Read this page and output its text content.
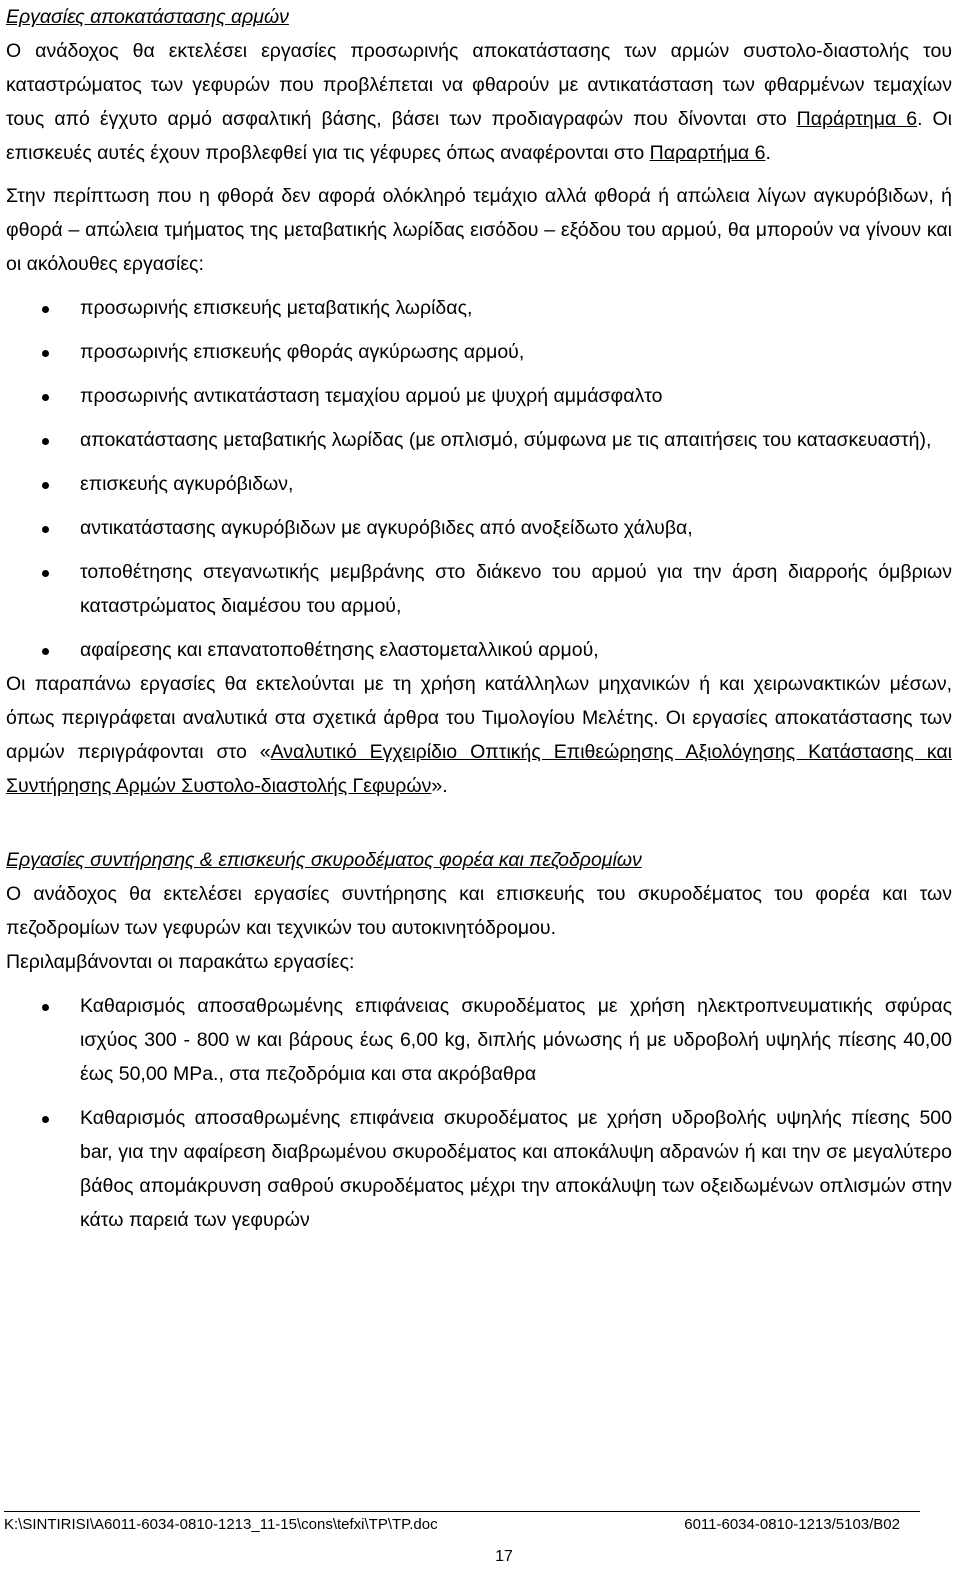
Εργασίες αποκατάστασης αρμών

Ο ανάδοχος θα εκτελέσει εργασίες προσωρινής αποκατάστασης των αρμών συστολο-διαστολής του καταστρώματος των γεφυρών που προβλέπεται να φθαρούν με αντικατάσταση των φθαρμένων τεμαχίων τους από έγχυτο αρμό ασφαλτική βάσης, βάσει των προδιαγραφών που δίνονται στο Παράρτημα 6. Οι επισκευές αυτές έχουν προβλεφθεί για τις γέφυρες όπως αναφέρονται στο Παραρτήμα 6.

Στην περίπτωση που η φθορά δεν αφορά ολόκληρό τεμάχιο αλλά φθορά ή απώλεια λίγων αγκυρόβιδων, ή φθορά – απώλεια τμήματος της μεταβατικής λωρίδας εισόδου – εξόδου του αρμού, θα μπορούν να γίνουν και οι ακόλουθες εργασίες:

προσωρινής επισκευής μεταβατικής λωρίδας,
προσωρινής επισκευής φθοράς αγκύρωσης αρμού,
προσωρινής αντικατάσταση τεμαχίου αρμού με ψυχρή αμμάσφαλτο
αποκατάστασης μεταβατικής λωρίδας (με οπλισμό, σύμφωνα με τις απαιτήσεις του κατασκευαστή),
επισκευής αγκυρόβιδων,
αντικατάστασης αγκυρόβιδων με αγκυρόβιδες από ανοξείδωτο χάλυβα,
τοποθέτησης στεγανωτικής μεμβράνης στο διάκενο του αρμού για την άρση διαρροής όμβριων καταστρώματος διαμέσου του αρμού,
αφαίρεσης και επανατοποθέτησης ελαστομεταλλικού αρμού,

Οι παραπάνω εργασίες θα εκτελούνται με τη χρήση κατάλληλων μηχανικών ή και χειρωνακτικών μέσων, όπως περιγράφεται αναλυτικά στα σχετικά άρθρα του Τιμολογίου Μελέτης. Οι εργασίες αποκατάστασης των αρμών περιγράφονται στο «Αναλυτικό Εγχειρίδιο Οπτικής Επιθεώρησης Αξιολόγησης Κατάστασης και Συντήρησης Αρμών Συστολο-διαστολής Γεφυρών».

Εργασίες συντήρησης & επισκευής σκυροδέματος φορέα και πεζοδρομίων

Ο ανάδοχος θα εκτελέσει εργασίες συντήρησης και επισκευής του σκυροδέματος του φορέα και των πεζοδρομίων των γεφυρών και τεχνικών του αυτοκινητόδρομου.

Περιλαμβάνονται οι παρακάτω εργασίες:

Καθαρισμός αποσαθρωμένης επιφάνειας σκυροδέματος με χρήση ηλεκτροπνευματικής σφύρας ισχύος 300 - 800 w και βάρους έως 6,00 kg, διπλής μόνωσης ή με υδροβολή υψηλής πίεσης 40,00 έως 50,00 MPa., στα πεζοδρόμια και στα ακρόβαθρα
Καθαρισμός αποσαθρωμένης επιφάνεια σκυροδέματος με χρήση υδροβολής υψηλής πίεσης 500 bar, για την αφαίρεση διαβρωμένου σκυροδέματος και αποκάλυψη αδρανών ή και την σε μεγαλύτερο βάθος απομάκρυνση σαθρού σκυροδέματος μέχρι την αποκάλυψη των οξειδωμένων οπλισμών στην κάτω παρειά των γεφυρών
K:\SINTIRISI\A6011-6034-0810-1213_11-15\cons\tefxi\TP\TP.doc	6011-6034-0810-1213/5103/B02
17
